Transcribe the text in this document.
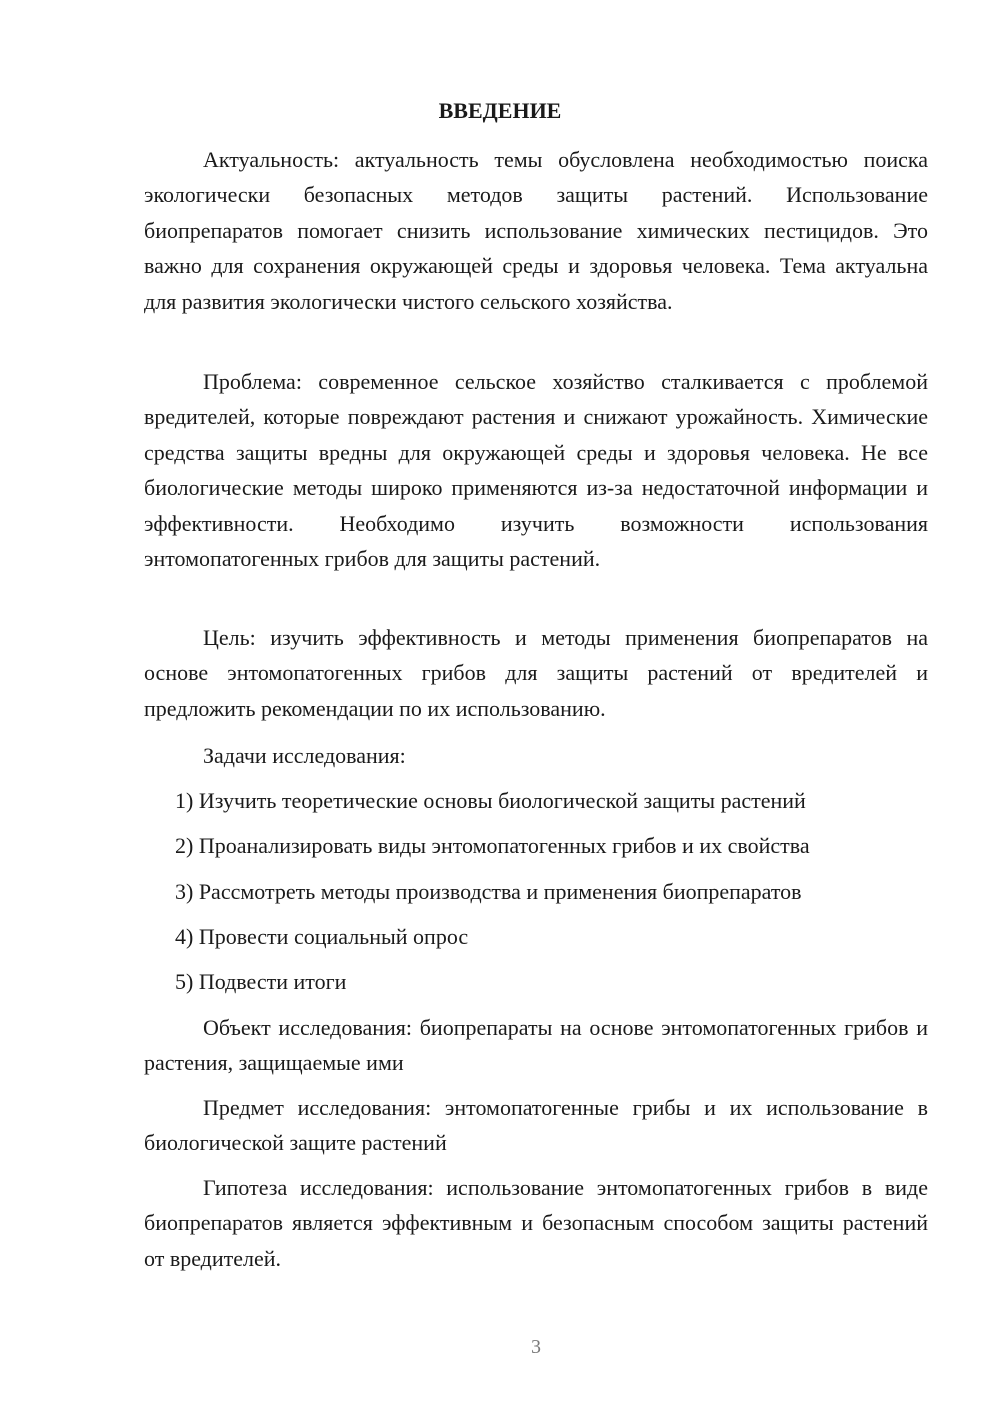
ВВЕДЕНИЕ

Актуальность: актуальность темы обусловлена необходимостью поиска экологически безопасных методов защиты растений. Использование биопрепаратов помогает снизить использование химических пестицидов. Это важно для сохранения окружающей среды и здоровья человека. Тема актуальна для развития экологически чистого сельского хозяйства.

Проблема: современное сельское хозяйство сталкивается с проблемой вредителей, которые повреждают растения и снижают урожайность. Химические средства защиты вредны для окружающей среды и здоровья человека. Не все биологические методы широко применяются из-за недостаточной информации и эффективности. Необходимо изучить возможности использования энтомопатогенных грибов для защиты растений.

Цель: изучить эффективность и методы применения биопрепаратов на основе энтомопатогенных грибов для защиты растений от вредителей и предложить рекомендации по их использованию.

Задачи исследования:

1) Изучить теоретические основы биологической защиты растений

2) Проанализировать виды энтомопатогенных грибов и их свойства

3) Рассмотреть методы производства и применения биопрепаратов

4) Провести социальный опрос

5) Подвести итоги

Объект исследования: биопрепараты на основе энтомопатогенных грибов и растения, защищаемые ими

Предмет исследования: энтомопатогенные грибы и их использование в биологической защите растений

Гипотеза исследования: использование энтомопатогенных грибов в виде биопрепаратов является эффективным и безопасным способом защиты растений от вредителей.

3
